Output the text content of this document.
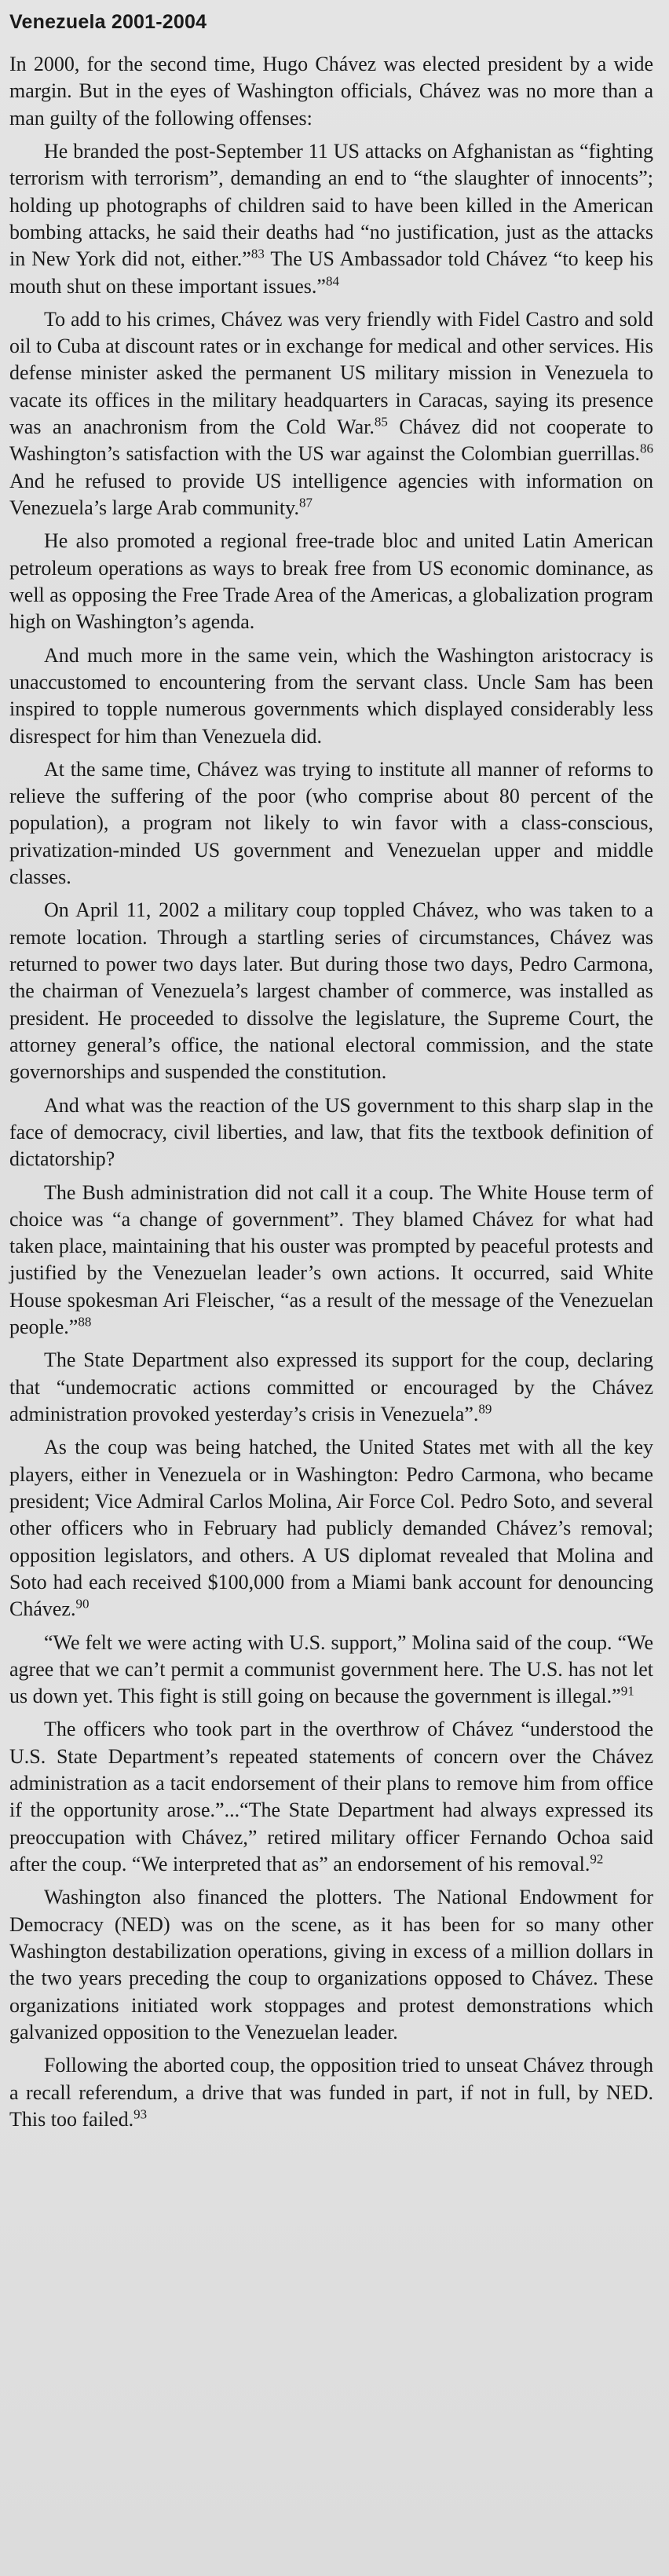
Venezuela 2001-2004

In 2000, for the second time, Hugo Chávez was elected president by a wide margin. But in the eyes of Washington officials, Chávez was no more than a man guilty of the following offenses:

He branded the post-September 11 US attacks on Afghanistan as “fighting terrorism with terrorism”, demanding an end to “the slaughter of innocents”; holding up photographs of children said to have been killed in the American bombing attacks, he said their deaths had “no justification, just as the attacks in New York did not, either.”$^{83}$ The US Ambassador told Chávez “to keep his mouth shut on these important issues.”$^{84}$

To add to his crimes, Chávez was very friendly with Fidel Castro and sold oil to Cuba at discount rates or in exchange for medical and other services. His defense minister asked the permanent US military mission in Venezuela to vacate its offices in the military headquarters in Caracas, saying its presence was an anachronism from the Cold War.$^{85}$ Chávez did not cooperate to Washington’s satisfaction with the US war against the Colombian guerrillas.$^{86}$ And he refused to provide US intelligence agencies with information on Venezuela’s large Arab community.$^{87}$

He also promoted a regional free-trade bloc and united Latin American petroleum operations as ways to break free from US economic dominance, as well as opposing the Free Trade Area of the Americas, a globalization program high on Washington’s agenda.

And much more in the same vein, which the Washington aristocracy is unaccustomed to encountering from the servant class. Uncle Sam has been inspired to topple numerous governments which displayed considerably less disrespect for him than Venezuela did.

At the same time, Chávez was trying to institute all manner of reforms to relieve the suffering of the poor (who comprise about 80 percent of the population), a program not likely to win favor with a class-conscious, privatization-minded US government and Venezuelan upper and middle classes.

On April 11, 2002 a military coup toppled Chávez, who was taken to a remote location. Through a startling series of circumstances, Chávez was returned to power two days later. But during those two days, Pedro Carmona, the chairman of Venezuela’s largest chamber of commerce, was installed as president. He proceeded to dissolve the legislature, the Supreme Court, the attorney general’s office, the national electoral commission, and the state governorships and suspended the constitution.

And what was the reaction of the US government to this sharp slap in the face of democracy, civil liberties, and law, that fits the textbook definition of dictatorship?

The Bush administration did not call it a coup. The White House term of choice was “a change of government”. They blamed Chávez for what had taken place, maintaining that his ouster was prompted by peaceful protests and justified by the Venezuelan leader’s own actions. It occurred, said White House spokesman Ari Fleischer, “as a result of the message of the Venezuelan people.”$^{88}$

The State Department also expressed its support for the coup, declaring that “undemocratic actions committed or encouraged by the Chávez administration provoked yesterday’s crisis in Venezuela”.$^{89}$

As the coup was being hatched, the United States met with all the key players, either in Venezuela or in Washington: Pedro Carmona, who became president; Vice Admiral Carlos Molina, Air Force Col. Pedro Soto, and several other officers who in February had publicly demanded Chávez’s removal; opposition legislators, and others. A US diplomat revealed that Molina and Soto had each received $100,000 from a Miami bank account for denouncing Chávez.$^{90}$

“We felt we were acting with U.S. support,” Molina said of the coup. “We agree that we can’t permit a communist government here. The U.S. has not let us down yet. This fight is still going on because the government is illegal.”$^{91}$

The officers who took part in the overthrow of Chávez “understood the U.S. State Department’s repeated statements of concern over the Chávez administration as a tacit endorsement of their plans to remove him from office if the opportunity arose.”...“The State Department had always expressed its preoccupation with Chávez,” retired military officer Fernando Ochoa said after the coup. “We interpreted that as” an endorsement of his removal.$^{92}$

Washington also financed the plotters. The National Endowment for Democracy (NED) was on the scene, as it has been for so many other Washington destabilization operations, giving in excess of a million dollars in the two years preceding the coup to organizations opposed to Chávez. These organizations initiated work stoppages and protest demonstrations which galvanized opposition to the Venezuelan leader.

Following the aborted coup, the opposition tried to unseat Chávez through a recall referendum, a drive that was funded in part, if not in full, by NED. This too failed.$^{93}$
